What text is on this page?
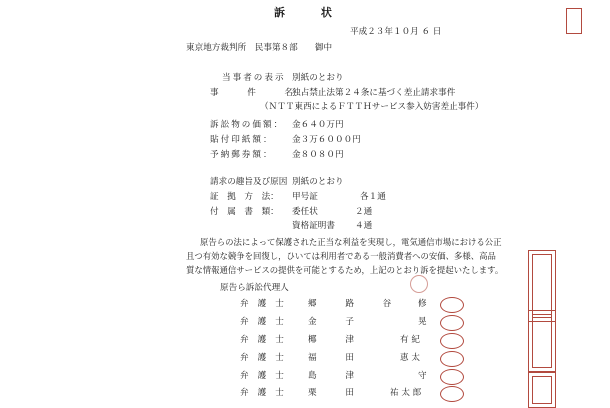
訴 状
平成２３年１０月 ６ 日
東京地方裁判所　民事第８部　　御中
当事者の表示 別紙のとおり
事　件　名
独占禁止法第２４条に基づく差止請求事件
（ＮＴＴ東西によるＦＴＴＨサービス参入妨害差止事件）
訴訟物の価額： 金６４０万円
貼付印紙額： 金３万６０００円
予納郵券額： 金８０８０円
請求の趣旨及び原因 別紙のとおり
証　拠　方　法： 甲号証	各１通
付　属　書　類： 委任状	２通
資格証明書 ４通
原告らの法によって保護された正当な利益を実現し，電気通信市場における公正
且つ有効な競争を回復し，ひいては利用者である一般消費者への安価、多様、高品
質な情報通信サービスの提供を可能とするため，上記のとおり訴を提起いたします。
原告ら訴訟代理人
弁護士 郷 路 谷 修
弁護士 金 子	晃
弁護士 椰 津	有 紀
弁護士 福 田	恵 太
弁護士 島 津	守
弁護士 栗 田	祐 太 郎
